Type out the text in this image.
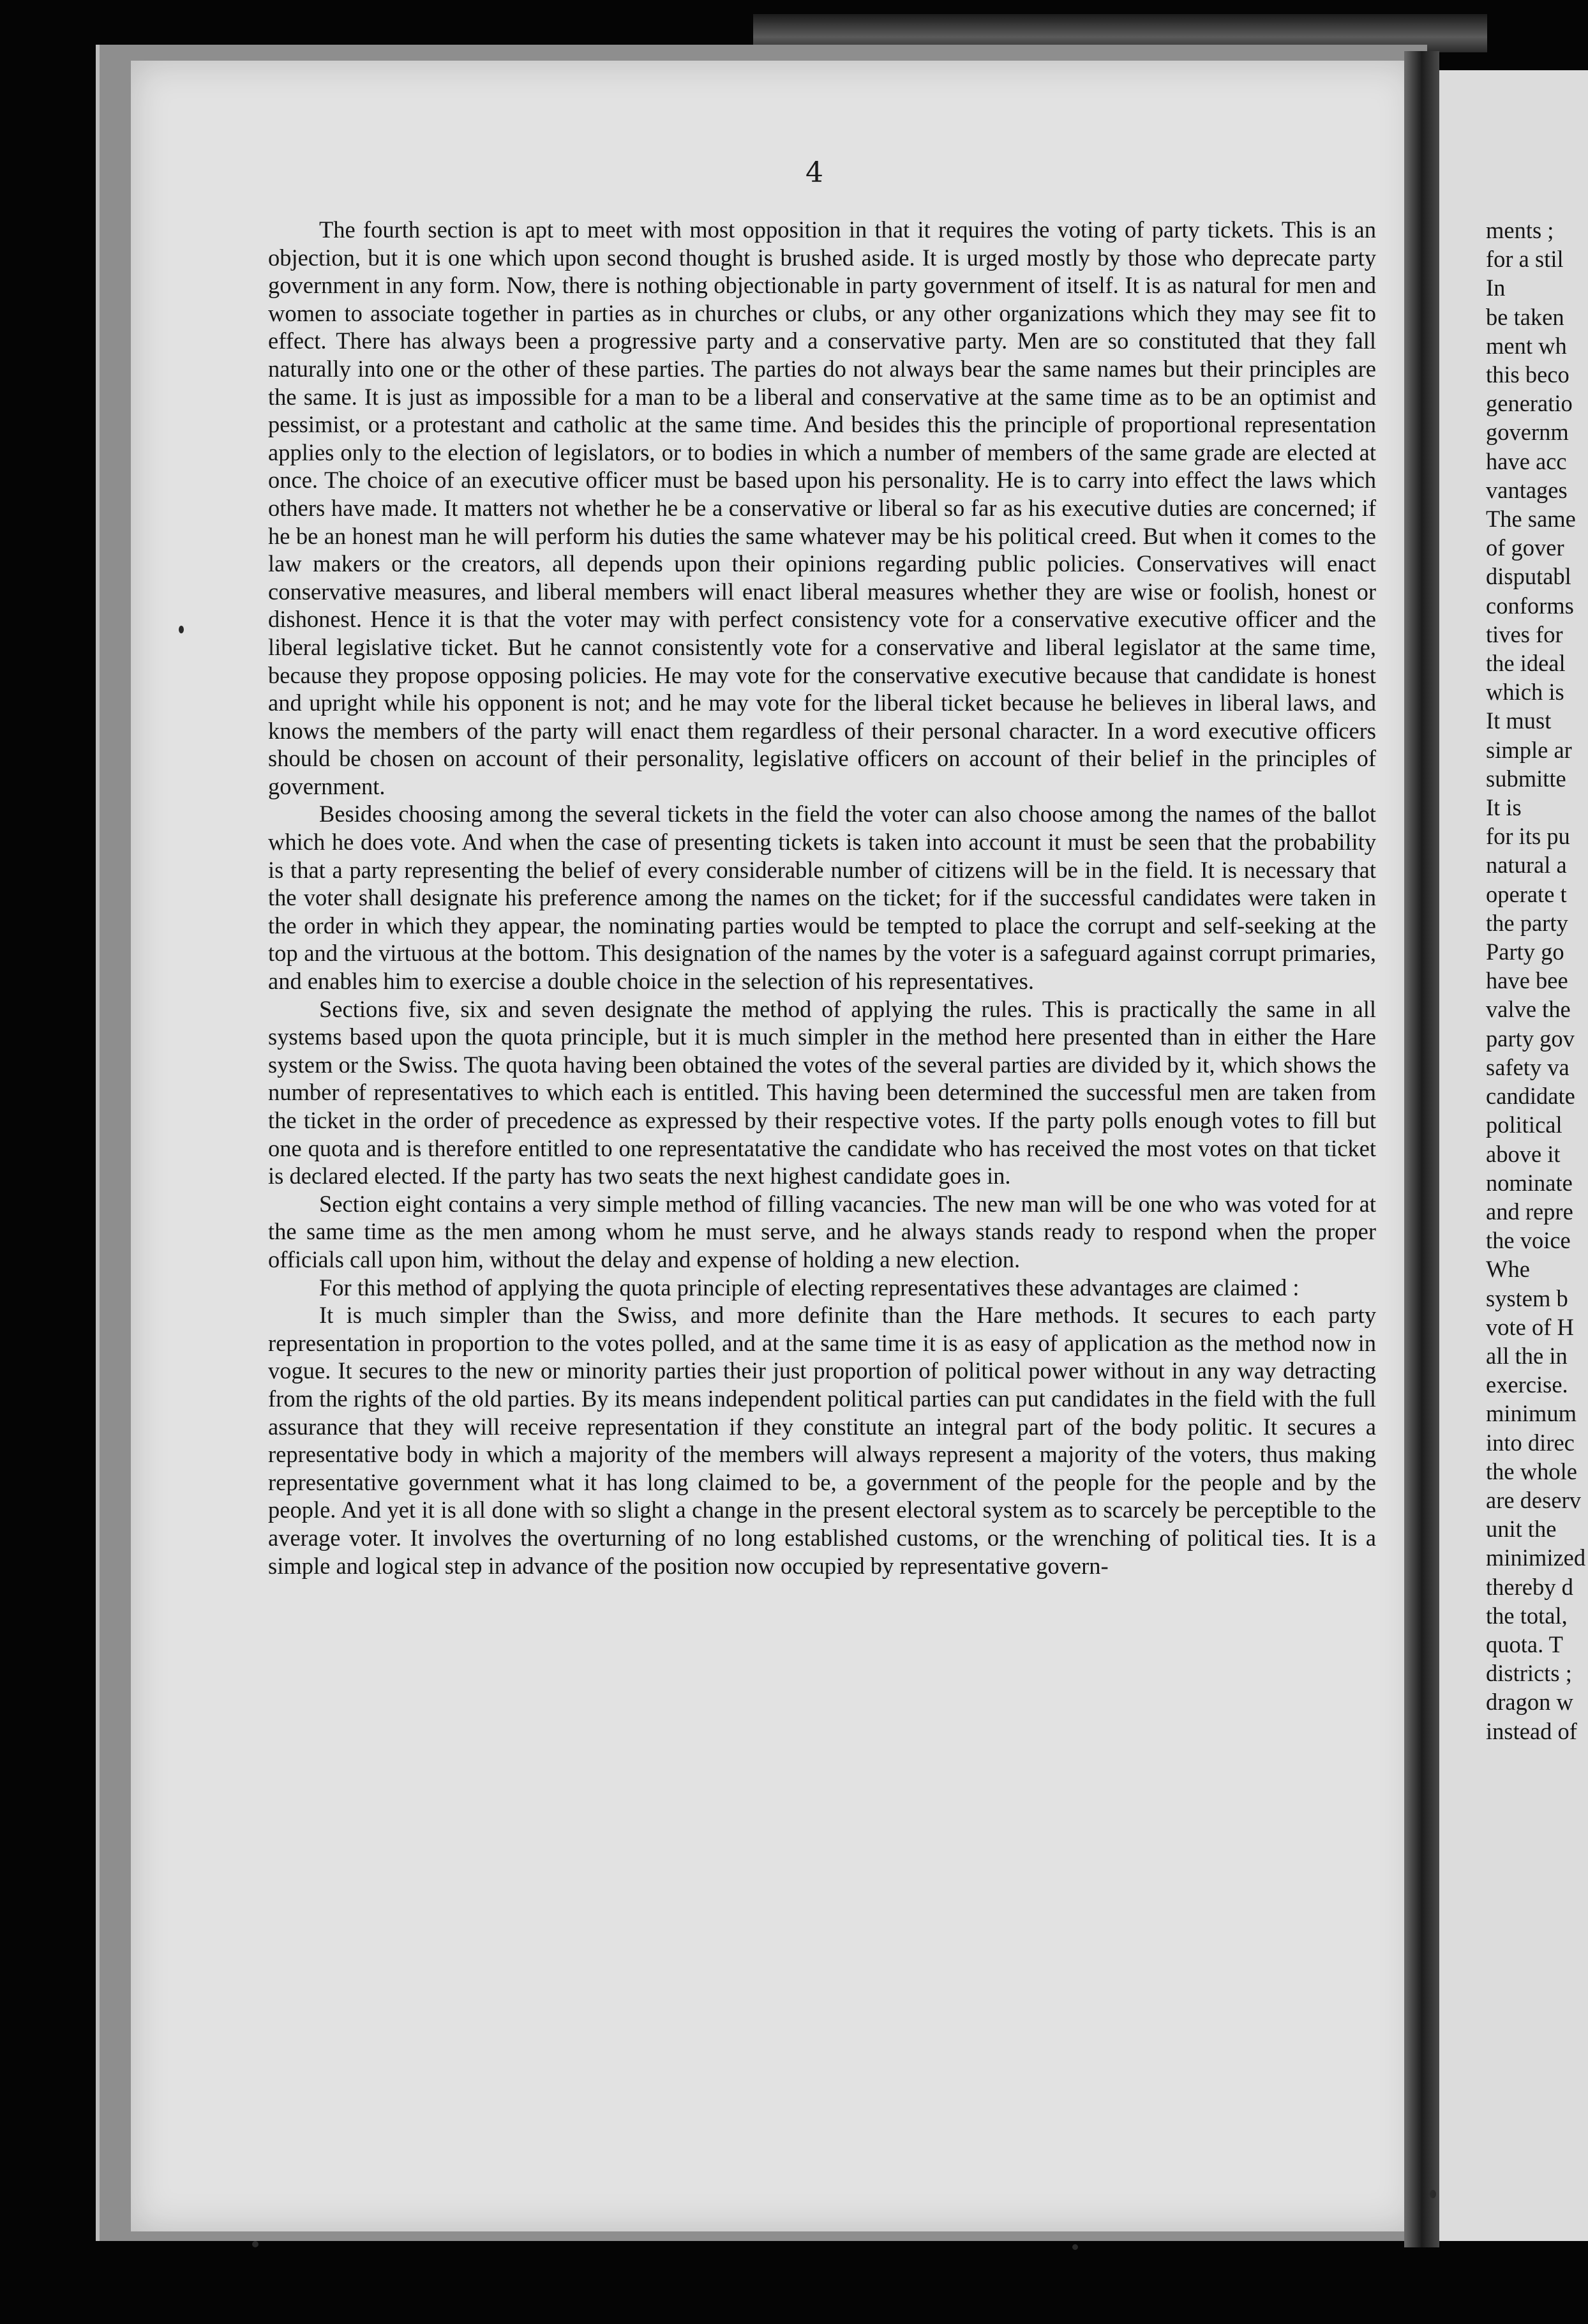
4

The fourth section is apt to meet with most opposition in that it requires the voting of party tickets. This is an objection, but it is one which upon second thought is brushed aside. It is urged mostly by those who deprecate party government in any form. Now, there is nothing objectionable in party government of itself. It is as natural for men and women to associate together in parties as in churches or clubs, or any other organizations which they may see fit to effect. There has always been a progressive party and a conservative party. Men are so constituted that they fall naturally into one or the other of these parties. The parties do not always bear the same names but their principles are the same. It is just as impossible for a man to be a liberal and conservative at the same time as to be an optimist and pessimist, or a protestant and catholic at the same time. And besides this the principle of proportional representation applies only to the election of legislators, or to bodies in which a number of members of the same grade are elected at once. The choice of an executive officer must be based upon his personality. He is to carry into effect the laws which others have made. It matters not whether he be a conservative or liberal so far as his executive duties are concerned; if he be an honest man he will perform his duties the same whatever may be his political creed. But when it comes to the law makers or the creators, all depends upon their opinions regarding public policies. Conservatives will enact conservative measures, and liberal members will enact liberal measures whether they are wise or foolish, honest or dishonest. Hence it is that the voter may with perfect consistency vote for a conservative executive officer and the liberal legislative ticket. But he cannot consistently vote for a conservative and liberal legislator at the same time, because they propose opposing policies. He may vote for the conservative executive because that candidate is honest and upright while his opponent is not; and he may vote for the liberal ticket because he believes in liberal laws, and knows the members of the party will enact them regardless of their personal character. In a word executive officers should be chosen on account of their personality, legislative officers on account of their belief in the principles of government.

Besides choosing among the several tickets in the field the voter can also choose among the names of the ballot which he does vote. And when the case of presenting tickets is taken into account it must be seen that the probability is that a party representing the belief of every considerable number of citizens will be in the field. It is necessary that the voter shall designate his preference among the names on the ticket; for if the successful candidates were taken in the order in which they appear, the nominating parties would be tempted to place the corrupt and self-seeking at the top and the virtuous at the bottom. This designation of the names by the voter is a safeguard against corrupt primaries, and enables him to exercise a double choice in the selection of his representatives.

Sections five, six and seven designate the method of applying the rules. This is practically the same in all systems based upon the quota principle, but it is much simpler in the method here presented than in either the Hare system or the Swiss. The quota having been obtained the votes of the several parties are divided by it, which shows the number of representatives to which each is entitled. This having been determined the successful men are taken from the ticket in the order of precedence as expressed by their respective votes. If the party polls enough votes to fill but one quota and is therefore entitled to one representatative the candidate who has received the most votes on that ticket is declared elected. If the party has two seats the next highest candidate goes in.

Section eight contains a very simple method of filling vacancies. The new man will be one who was voted for at the same time as the men among whom he must serve, and he always stands ready to respond when the proper officials call upon him, without the delay and expense of holding a new election.

For this method of applying the quota principle of electing representatives these advantages are claimed :

It is much simpler than the Swiss, and more definite than the Hare methods. It secures to each party representation in proportion to the votes polled, and at the same time it is as easy of application as the method now in vogue. It secures to the new or minority parties their just proportion of political power without in any way detracting from the rights of the old parties. By its means independent political parties can put candidates in the field with the full assurance that they will receive representation if they constitute an integral part of the body politic. It secures a representative body in which a majority of the members will always represent a majority of the voters, thus making representative government what it has long claimed to be, a government of the people for the people and by the people. And yet it is all done with so slight a change in the present electoral system as to scarcely be perceptible to the average voter. It involves the overturning of no long established customs, or the wrenching of political ties. It is a simple and logical step in advance of the position now occupied by representative govern-

ments ;
for a stil
In
be taken
ment wh
this beco
generatio
governm
have acc
vantages
The same
of gover
disputabl
conforms
tives for
the ideal
which is
It must
simple ar
submitte
It is
for its pu
natural a
operate t
the party
Party go
have bee
valve the
party gov
safety va
candidate
political
above it
nominate
and repre
the voice
Whe
system b
vote of H
all the in
exercise.
minimum
into direc
the whole
are deserv
unit the
minimized
thereby d
the total,
quota. T
districts ;
dragon w
instead of
